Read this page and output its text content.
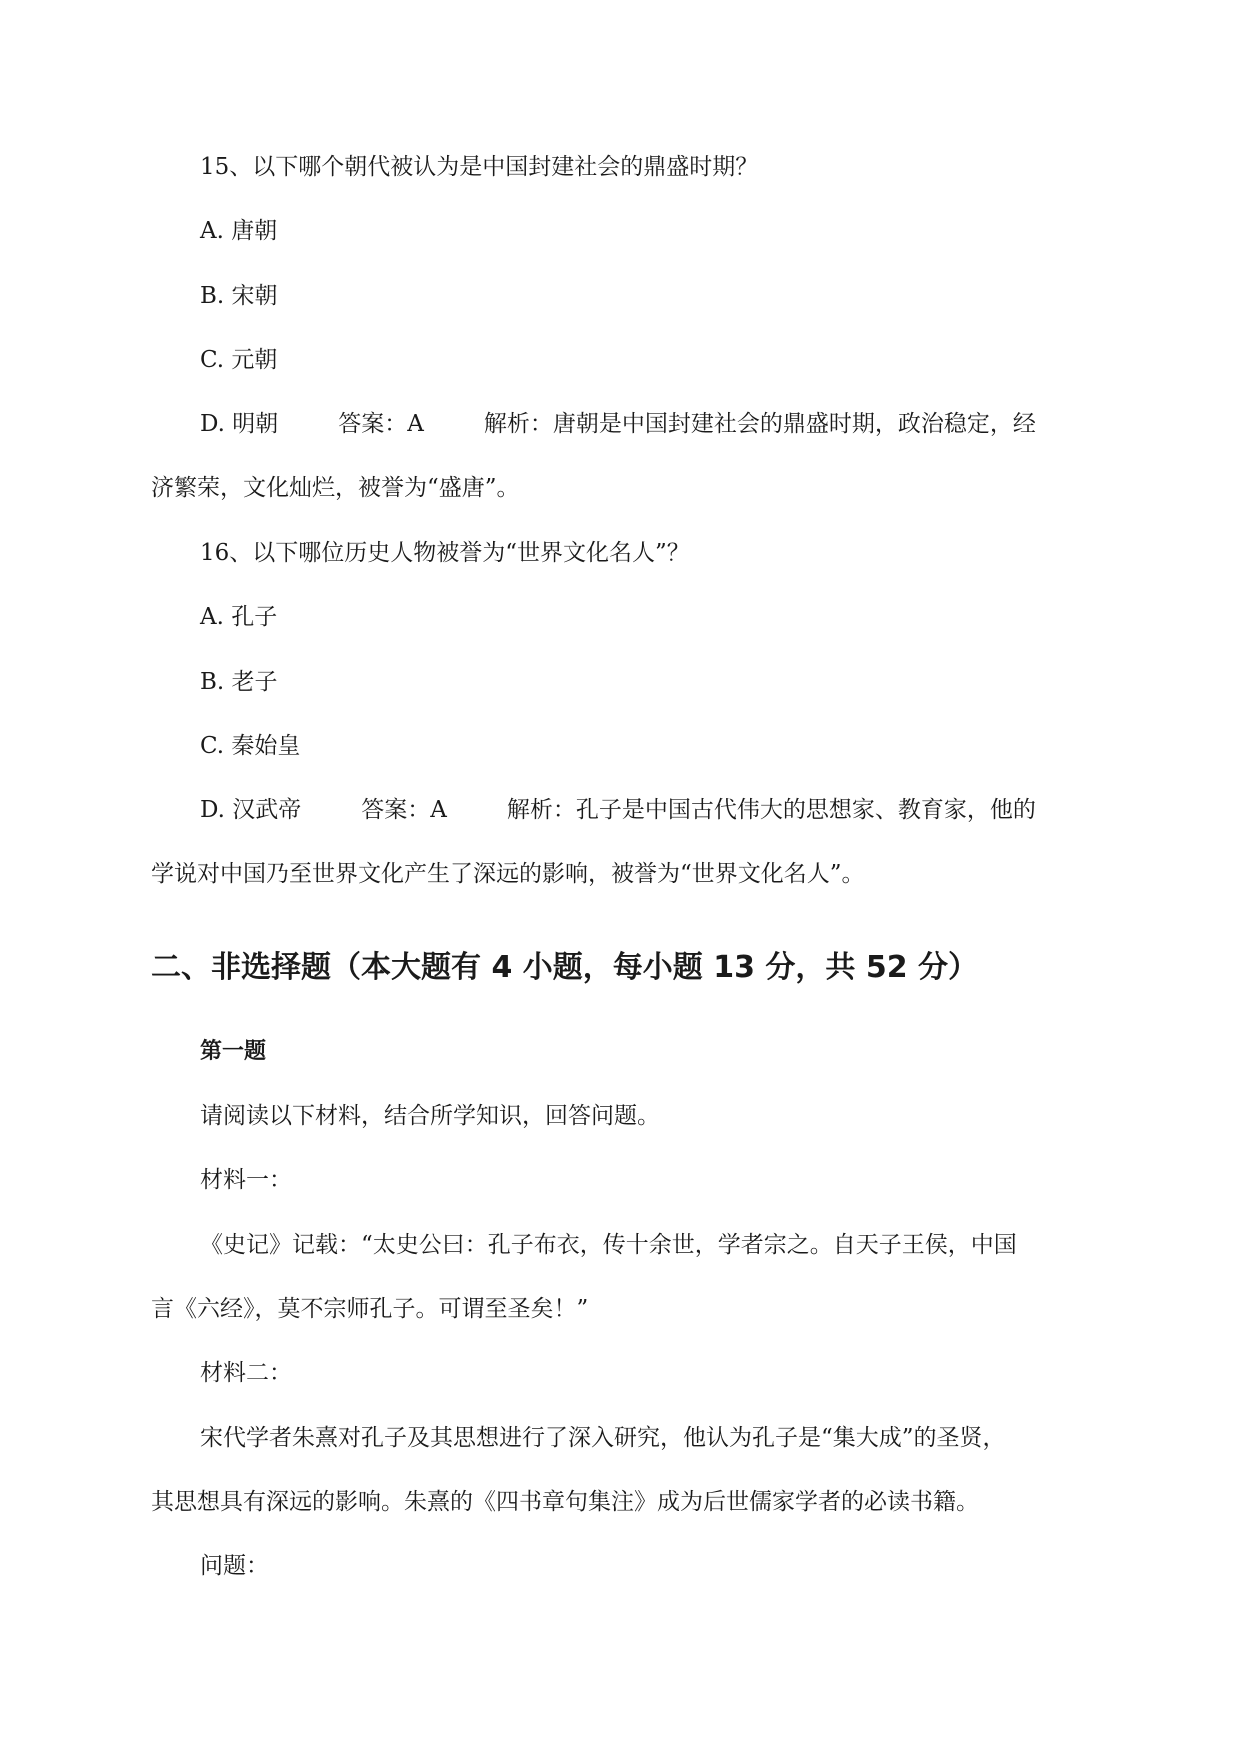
15、以下哪个朝代被认为是中国封建社会的鼎盛时期？
A. 唐朝
B. 宋朝
C. 元朝
D. 明朝	答案：A	解析：唐朝是中国封建社会的鼎盛时期，政治稳定，经
济繁荣，文化灿烂，被誉为“盛唐”。
16、以下哪位历史人物被誉为“世界文化名人”？
A. 孔子
B. 老子
C. 秦始皇
D. 汉武帝	答案：A	解析：孔子是中国古代伟大的思想家、教育家，他的
学说对中国乃至世界文化产生了深远的影响，被誉为“世界文化名人”。
二、非选择题（本大题有 4 小题，每小题 13 分，共 52 分）
第一题
请阅读以下材料，结合所学知识，回答问题。
材料一：
《史记》记载：“太史公曰：孔子布衣，传十余世，学者宗之。自天子王侯，中国
言《六经》，莫不宗师孔子。可谓至圣矣！”
材料二：
宋代学者朱熹对孔子及其思想进行了深入研究，他认为孔子是“集大成”的圣贤，
其思想具有深远的影响。朱熹的《四书章句集注》成为后世儒家学者的必读书籍。
问题：
